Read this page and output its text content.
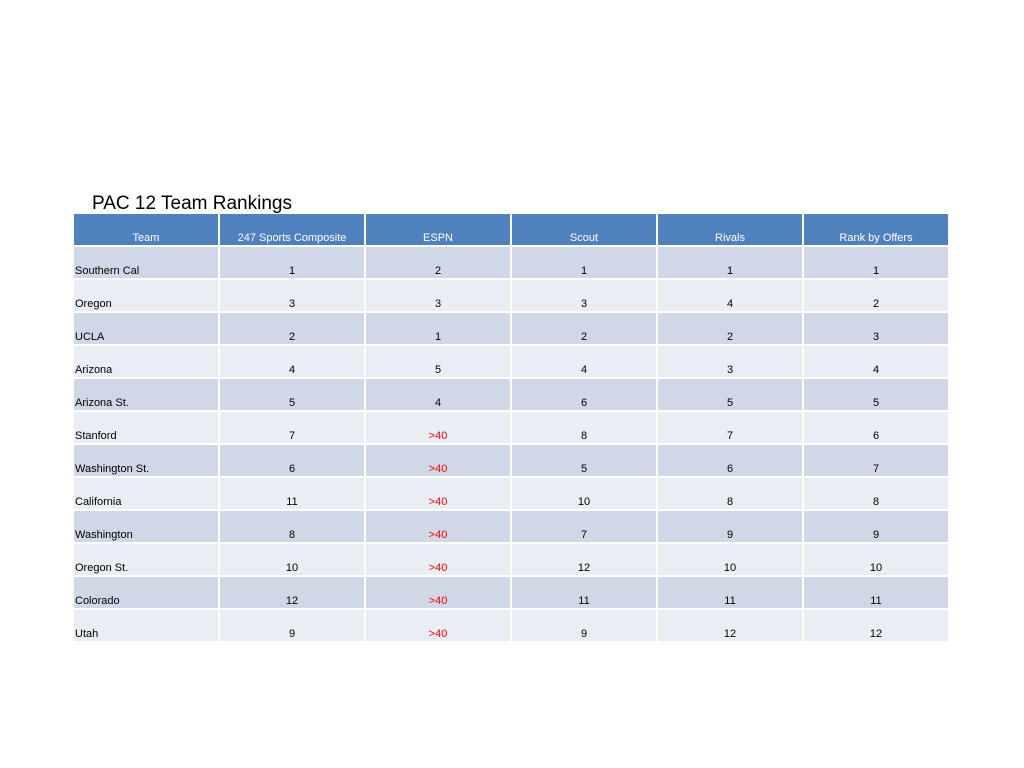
PAC 12 Team Rankings
Team	247 Sports Composite	ESPN	Scout	Rivals	Rank by Offers
Southern Cal	1	2	1	1	1
Oregon	3	3	3	4	2
UCLA	2	1	2	2	3
Arizona	4	5	4	3	4
Arizona St.	5	4	6	5	5
Stanford	7	>40	8	7	6
Washington St.	6	>40	5	6	7
California	11	>40	10	8	8
Washington	8	>40	7	9	9
Oregon St.	10	>40	12	10	10
Colorado	12	>40	11	11	11
Utah	9	>40	9	12	12
